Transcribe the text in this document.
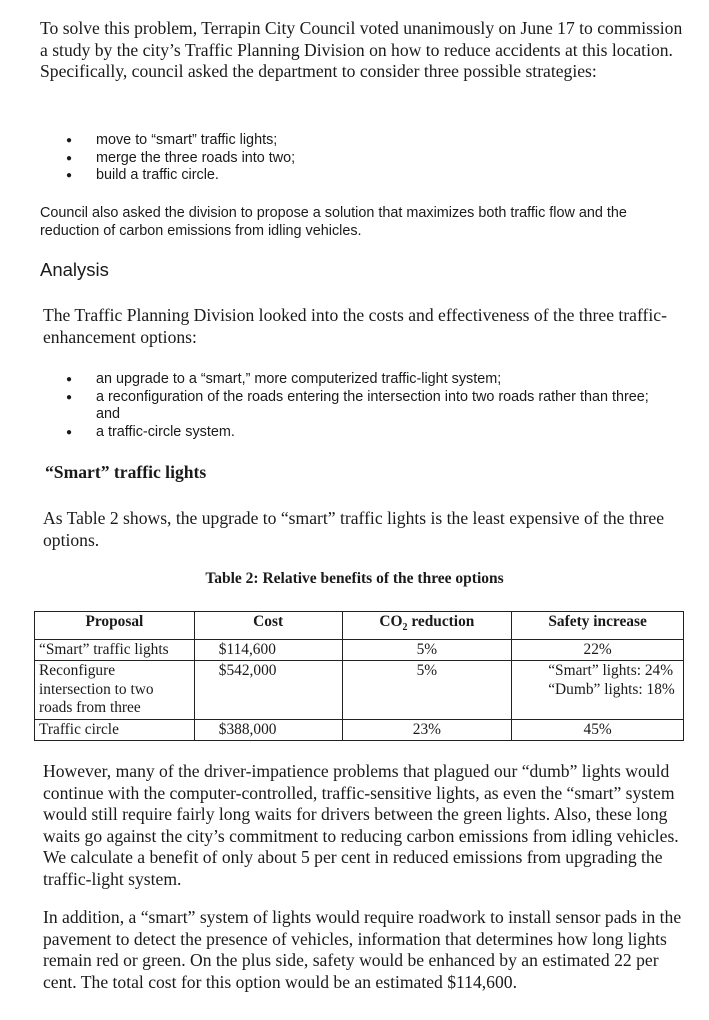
To solve this problem, Terrapin City Council voted unanimously on June 17 to commission a study by the city’s Traffic Planning Division on how to reduce accidents at this location. Specifically, council asked the department to consider three possible strategies:

● move to “smart” traffic lights;
● merge the three roads into two;
● build a traffic circle.

Council also asked the division to propose a solution that maximizes both traffic flow and the reduction of carbon emissions from idling vehicles.

Analysis

The Traffic Planning Division looked into the costs and effectiveness of the three traffic-enhancement options:

● an upgrade to a “smart,” more computerized traffic-light system;
● a reconfiguration of the roads entering the intersection into two roads rather than three; and
● a traffic-circle system.
“Smart” traffic lights

As Table 2 shows, the upgrade to “smart” traffic lights is the least expensive of the three options.

Table 2: Relative benefits of the three options

Proposal	Cost	$CO_2$ reduction	Safety increase
“Smart” traffic lights	$114,600	5%	22%
Reconfigure intersection to two roads from three	$542,000	5%	“Smart” lights: 24%
“Dumb” lights: 18%

Traffic circle	$388,000	23%	45%

However, many of the driver-impatience problems that plagued our “dumb” lights would continue with the computer-controlled, traffic-sensitive lights, as even the “smart” system would still require fairly long waits for drivers between the green lights. Also, these long waits go against the city’s commitment to reducing carbon emissions from idling vehicles. We calculate a benefit of only about 5 per cent in reduced emissions from upgrading the traffic-light system.

In addition, a “smart” system of lights would require roadwork to install sensor pads in the pavement to detect the presence of vehicles, information that determines how long lights remain red or green. On the plus side, safety would be enhanced by an estimated 22 per cent. The total cost for this option would be an estimated $114,600.
